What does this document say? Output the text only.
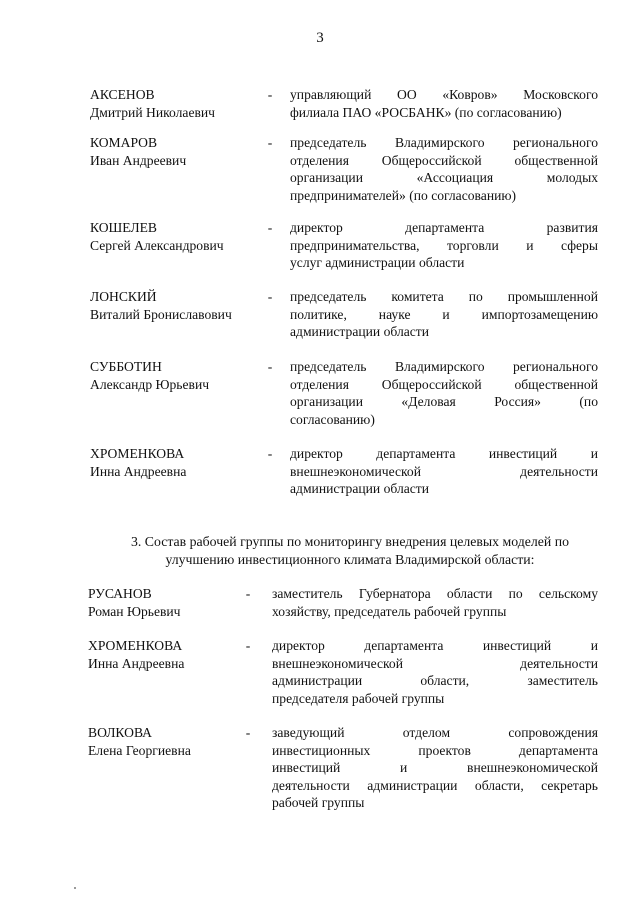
3
АКСЕНОВ
Дмитрий Николаевич
- управляющий ОО «Ковров» Московского
филиала ПАО «РОСБАНК» (по согласованию)
КОМАРОВ
Иван Андреевич
- председатель Владимирского регионального
отделения Общероссийской общественной
организации «Ассоциация молодых
предпринимателей» (по согласованию)
КОШЕЛЕВ
Сергей Александрович
- директор департамента развития
предпринимательства, торговли и сферы
услуг администрации области
ЛОНСКИЙ
Виталий Брониславович
- председатель комитета по промышленной
политике, науке и импортозамещению
администрации области
СУББОТИН
Александр Юрьевич
- председатель Владимирского регионального
отделения Общероссийской общественной
организации «Деловая Россия» (по
согласованию)
ХРОМЕНКОВА
Инна Андреевна
- директор департамента инвестиций и
внешнеэкономической деятельности
администрации области
3. Состав рабочей группы по мониторингу внедрения целевых моделей по улучшению инвестиционного климата Владимирской области:
РУСАНОВ
Роман Юрьевич
- заместитель Губернатора области по сельскому
хозяйству, председатель рабочей группы
ХРОМЕНКОВА
Инна Андреевна
- директор департамента инвестиций и
внешнеэкономической деятельности
администрации области, заместитель
председателя рабочей группы
ВОЛКОВА
Елена Георгиевна
- заведующий отделом сопровождения
инвестиционных проектов департамента
инвестиций и внешнеэкономической
деятельности администрации области, секретарь
рабочей группы
